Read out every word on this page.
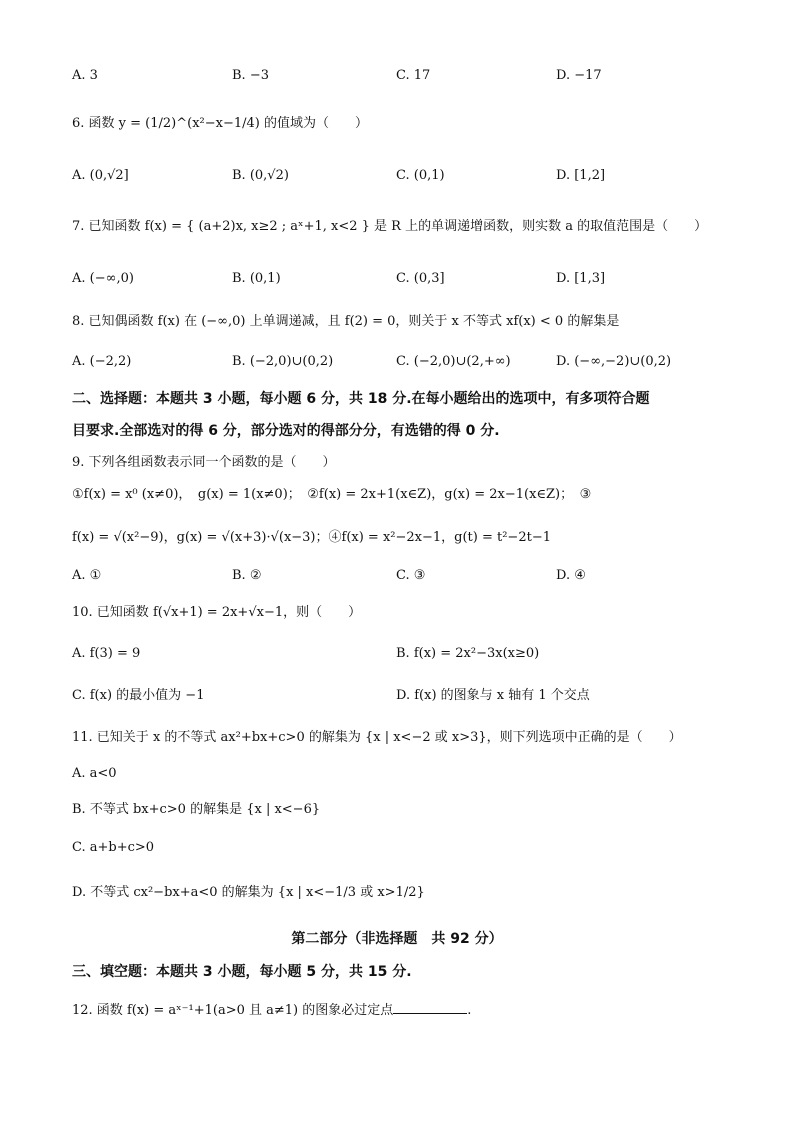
A. 3	B. −3	C. 17	D. −17
6. 函数 y = (1/2)^(x²−x−1/4) 的值域为（　　）
A. (0,√2]	B. (0,√2)	C. (0,1)	D. [1,2]
7. 已知函数 f(x) = { (a+2)x, x≥2 ; aˣ+1, x<2 } 是 R 上的单调递增函数，则实数 a 的取值范围是（　　）
A. (−∞,0)	B. (0,1)	C. (0,3]	D. [1,3]
8. 已知偶函数 f(x) 在 (−∞,0) 上单调递减，且 f(2) = 0，则关于 x 不等式 xf(x) < 0 的解集是
A. (−2,2)	B. (−2,0)∪(0,2)	C. (−2,0)∪(2,+∞)	D. (−∞,−2)∪(0,2)
二、选择题：本题共 3 小题，每小题 6 分，共 18 分.在每小题给出的选项中，有多项符合题
目要求.全部选对的得 6 分，部分选对的得部分分，有选错的得 0 分.
9. 下列各组函数表示同一个函数的是（　　）
①f(x) = x⁰ (x≠0)，　g(x) = 1(x≠0)；　②f(x) = 2x+1(x∈Z)，g(x) = 2x−1(x∈Z)；　③
f(x) = √(x²−9)，g(x) = √(x+3)·√(x−3)；④f(x) = x²−2x−1，g(t) = t²−2t−1
A. ①	B. ②	C. ③	D. ④
10. 已知函数 f(√x+1) = 2x+√x−1，则（　　）
A. f(3) = 9	B. f(x) = 2x²−3x(x≥0)
C. f(x) 的最小值为 −1	D. f(x) 的图象与 x 轴有 1 个交点
11. 已知关于 x 的不等式 ax²+bx+c>0 的解集为 {x | x<−2 或 x>3}，则下列选项中正确的是（　　）
A. a<0
B. 不等式 bx+c>0 的解集是 {x | x<−6}
C. a+b+c>0
D. 不等式 cx²−bx+a<0 的解集为 {x | x<−1/3 或 x>1/2}
第二部分（非选择题　共 92 分）
三、填空题：本题共 3 小题，每小题 5 分，共 15 分.
12. 函数 f(x) = aˣ⁻¹+1(a>0 且 a≠1) 的图象必过定点	.
